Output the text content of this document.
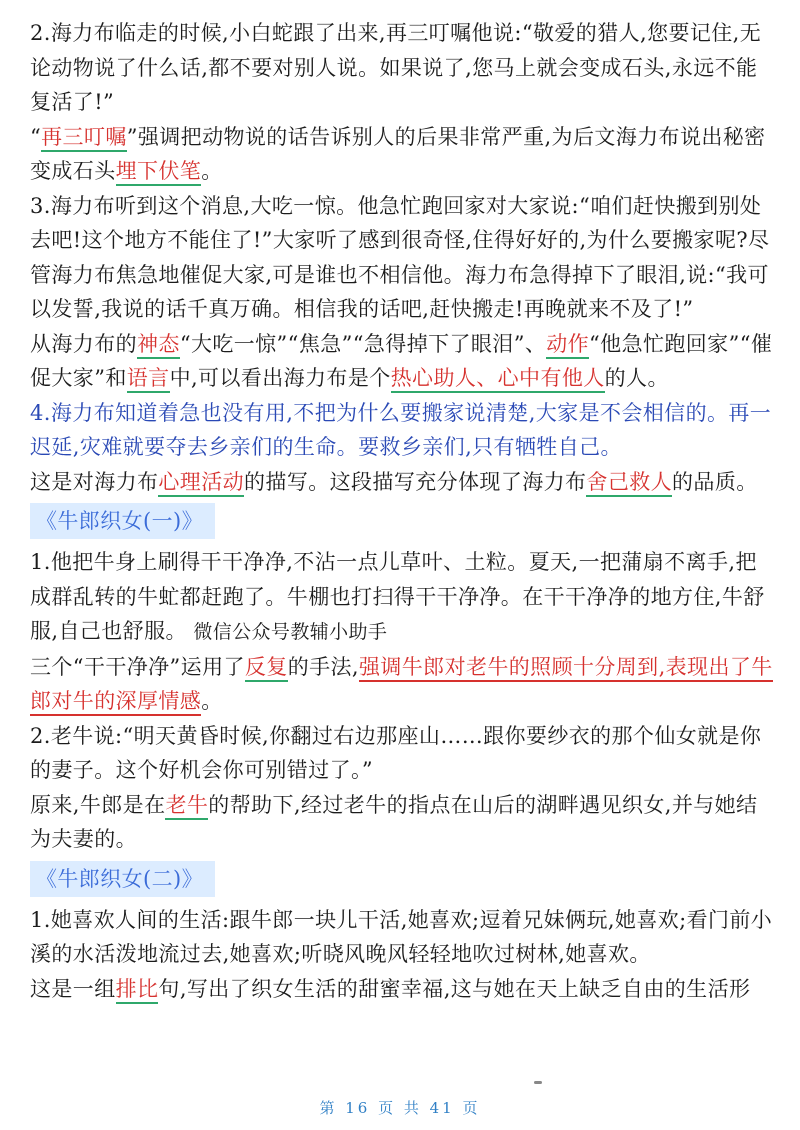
2.海力布临走的时候,小白蛇跟了出来,再三叮嘱他说:“敬爱的猎人,您要记住,无论动物说了什么话,都不要对别人说。如果说了,您马上就会变成石头,永远不能复活了!”

“再三叮嘱”强调把动物说的话告诉别人的后果非常严重,为后文海力布说出秘密变成石头埋下伏笔。

3.海力布听到这个消息,大吃一惊。他急忙跑回家对大家说:“咱们赶快搬到别处去吧!这个地方不能住了!”大家听了感到很奇怪,住得好好的,为什么要搬家呢?尽管海力布焦急地催促大家,可是谁也不相信他。海力布急得掉下了眼泪,说:“我可以发誓,我说的话千真万确。相信我的话吧,赶快搬走!再晚就来不及了!”

从海力布的神态“大吃一惊”“焦急”“急得掉下了眼泪”、动作“他急忙跑回家”“催促大家”和语言中,可以看出海力布是个热心助人、心中有他人的人。

4.海力布知道着急也没有用,不把为什么要搬家说清楚,大家是不会相信的。再一迟延,灾难就要夺去乡亲们的生命。要救乡亲们,只有牺牲自己。

这是对海力布心理活动的描写。这段描写充分体现了海力布舍己救人的品质。

《牛郎织女(一)》

1.他把牛身上刷得干干净净,不沾一点儿草叶、土粒。夏天,一把蒲扇不离手,把成群乱转的牛虻都赶跑了。牛棚也打扫得干干净净。在干干净净的地方住,牛舒服,自己也舒服。 微信公众号教辅小助手

三个“干干净净”运用了反复的手法,强调牛郎对老牛的照顾十分周到,表现出了牛郎对牛的深厚情感。

2.老牛说:“明天黄昏时候,你翻过右边那座山……跟你要纱衣的那个仙女就是你的妻子。这个好机会你可别错过了。”

原来,牛郎是在老牛的帮助下,经过老牛的指点在山后的湖畔遇见织女,并与她结为夫妻的。

《牛郎织女(二)》

1.她喜欢人间的生活:跟牛郎一块儿干活,她喜欢;逗着兄妹俩玩,她喜欢;看门前小溪的水活泼地流过去,她喜欢;听晓风晚风轻轻地吹过树林,她喜欢。

这是一组排比句,写出了织女生活的甜蜜幸福,这与她在天上缺乏自由的生活形

第 16 页 共 41 页
